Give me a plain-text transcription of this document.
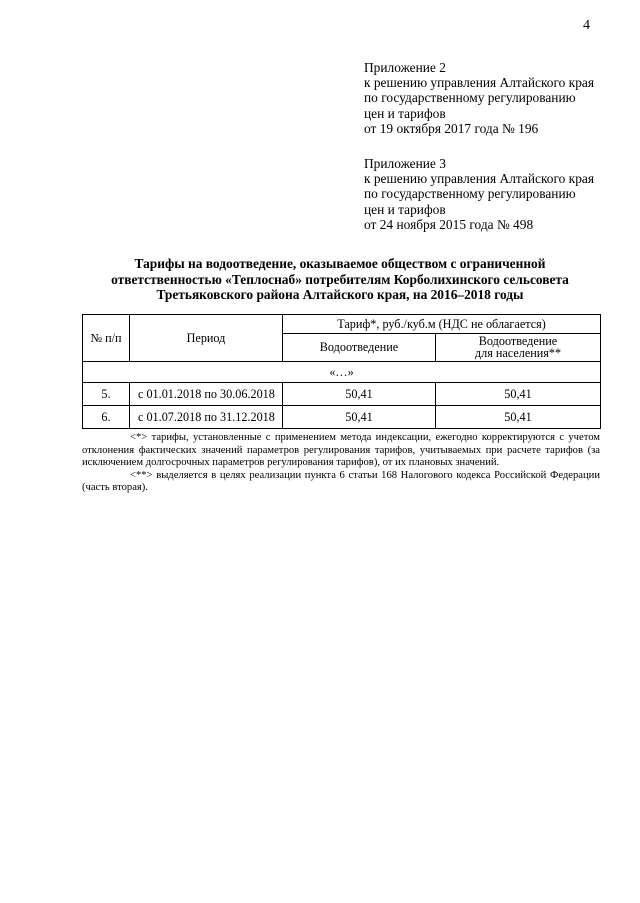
4
Приложение 2
к решению управления Алтайского края
по государственному регулированию
цен и тарифов
от 19 октября 2017 года № 196
Приложение 3
к решению управления Алтайского края
по государственному регулированию
цен и тарифов
от 24 ноября 2015 года № 498
Тарифы на водоотведение, оказываемое обществом с ограниченной
ответственностью «Теплоснаб» потребителям Корболихинского сельсовета
Третьяковского района Алтайского края, на 2016–2018 годы
№ п/п	Период	Тариф*, руб./куб.м (НДС не облагается)	
		Водоотведение	Водоотведение
для населения**

«…»			
5.	с 01.01.2018 по 30.06.2018	50,41	50,41
6.	с 01.07.2018 по 31.12.2018	50,41	50,41

<*> тарифы, установленные с применением метода индексации, ежегодно корректируются с учетом отклонения фактических значений параметров регулирования тарифов, учитываемых при расчете тарифов (за исключением долгосрочных параметров регулирования тарифов), от их плановых значений.

<**> выделяется в целях реализации пункта 6 статьи 168 Налогового кодекса Российской Федерации (часть вторая).
